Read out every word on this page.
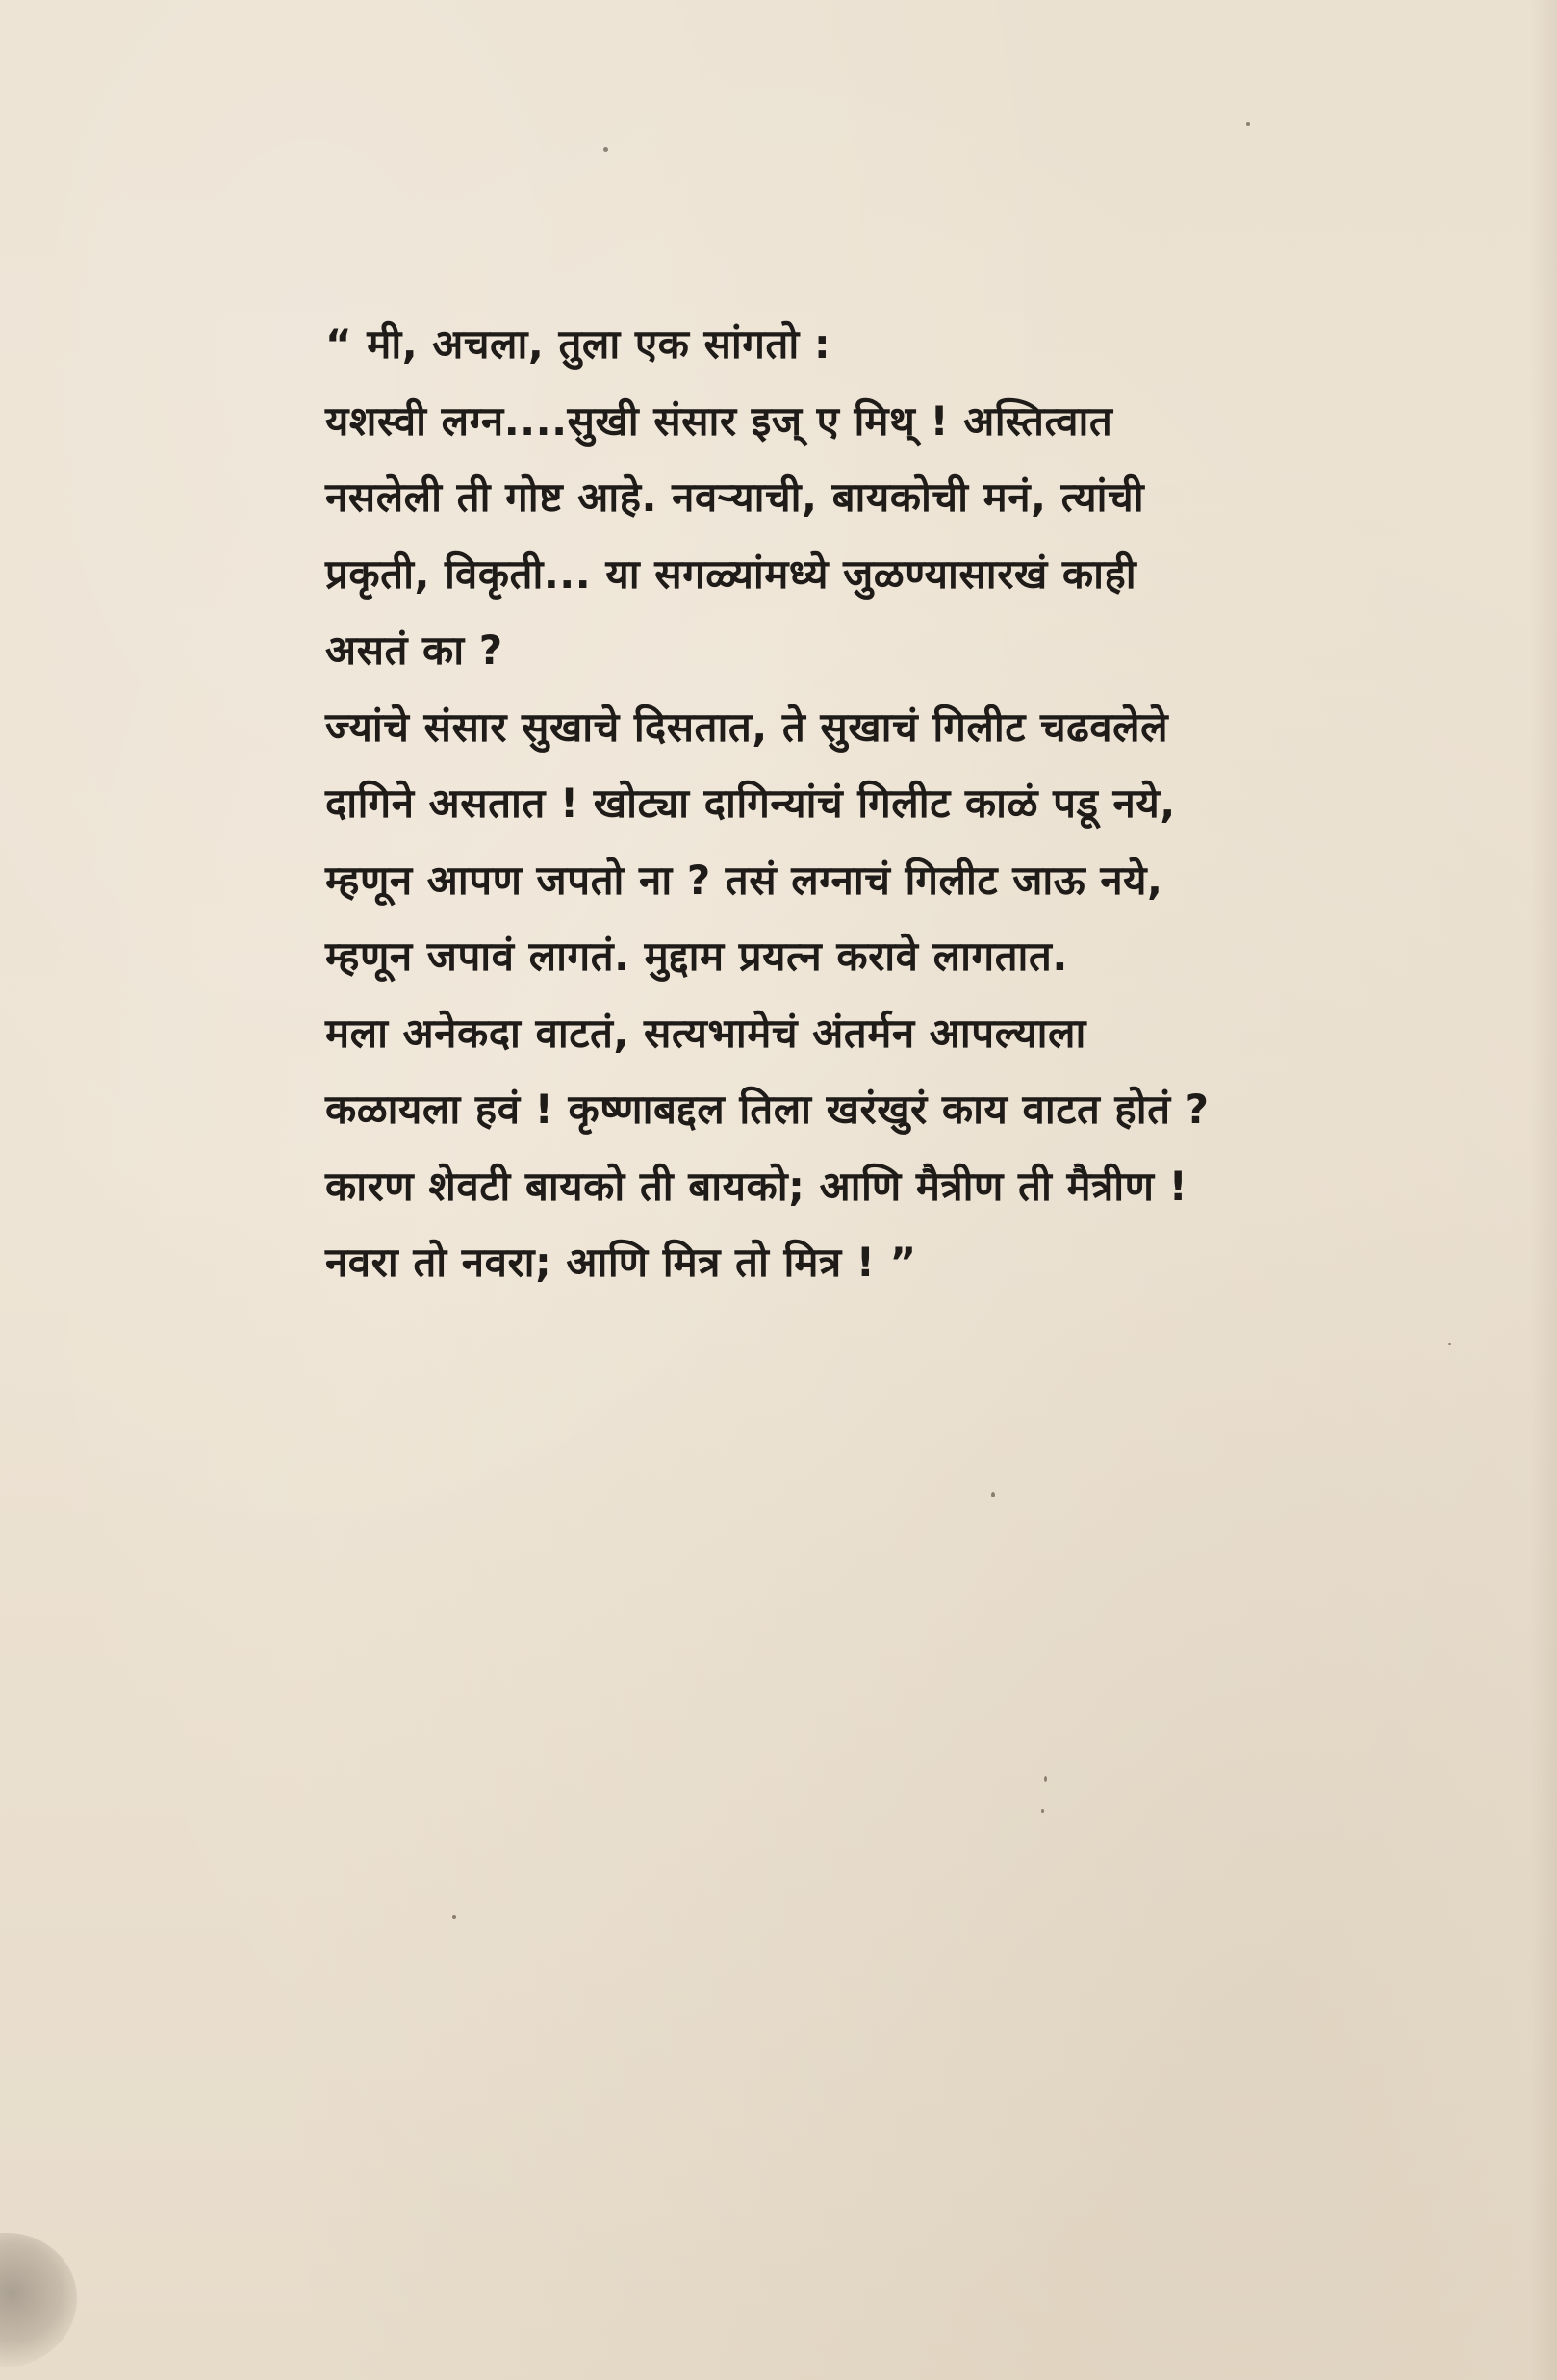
“ मी, अचला, तुला एक सांगतो :
यशस्वी लग्न....सुखी संसार इज् ए मिथ् ! अस्तित्वात
नसलेली ती गोष्ट आहे. नवऱ्याची, बायकोची मनं, त्यांची
प्रकृती, विकृती... या सगळ्यांमध्ये जुळण्यासारखं काही
असतं का ?
ज्यांचे संसार सुखाचे दिसतात, ते सुखाचं गिलीट चढवलेले
दागिने असतात ! खोट्या दागिन्यांचं गिलीट काळं पडू नये,
म्हणून आपण जपतो ना ? तसं लग्नाचं गिलीट जाऊ नये,
म्हणून जपावं लागतं. मुद्दाम प्रयत्न करावे लागतात.
मला अनेकदा वाटतं, सत्यभामेचं अंतर्मन आपल्याला
कळायला हवं ! कृष्णाबद्दल तिला खरंखुरं काय वाटत होतं ?
कारण शेवटी बायको ती बायको; आणि मैत्रीण ती मैत्रीण !
नवरा तो नवरा; आणि मित्र तो मित्र ! ”
